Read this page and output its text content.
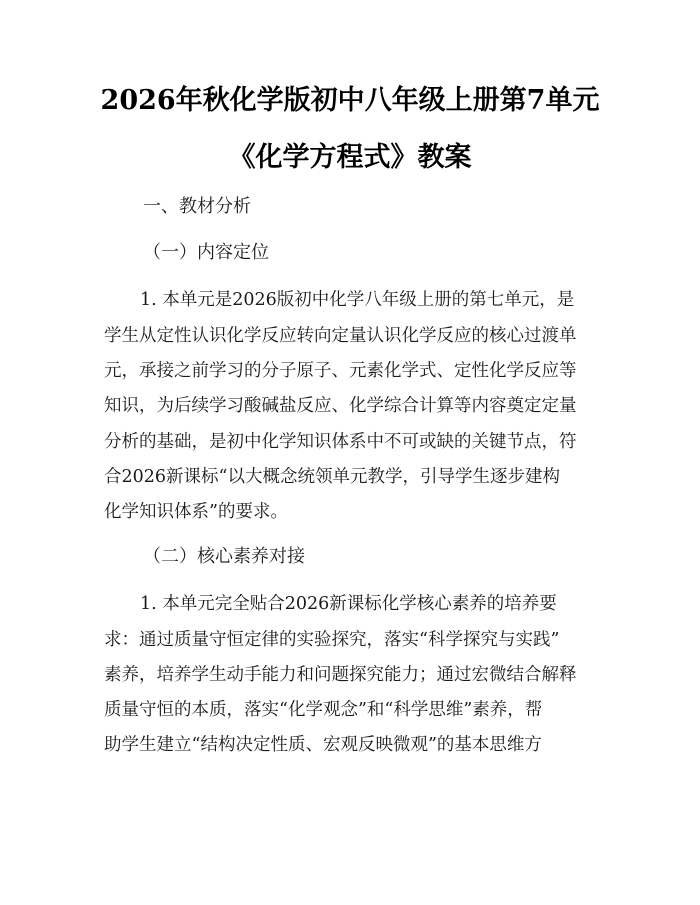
2026年秋化学版初中八年级上册第7单元
《化学方程式》教案
一、教材分析
（一）内容定位
1. 本单元是2026版初中化学八年级上册的第七单元，是
学生从定性认识化学反应转向定量认识化学反应的核心过渡单
元，承接之前学习的分子原子、元素化学式、定性化学反应等
知识，为后续学习酸碱盐反应、化学综合计算等内容奠定定量
分析的基础，是初中化学知识体系中不可或缺的关键节点，符
合2026新课标“以大概念统领单元教学，引导学生逐步建构
化学知识体系”的要求。
（二）核心素养对接
1. 本单元完全贴合2026新课标化学核心素养的培养要
求：通过质量守恒定律的实验探究，落实“科学探究与实践”
素养，培养学生动手能力和问题探究能力；通过宏微结合解释
质量守恒的本质，落实“化学观念”和“科学思维”素养，帮
助学生建立“结构决定性质、宏观反映微观”的基本思维方
